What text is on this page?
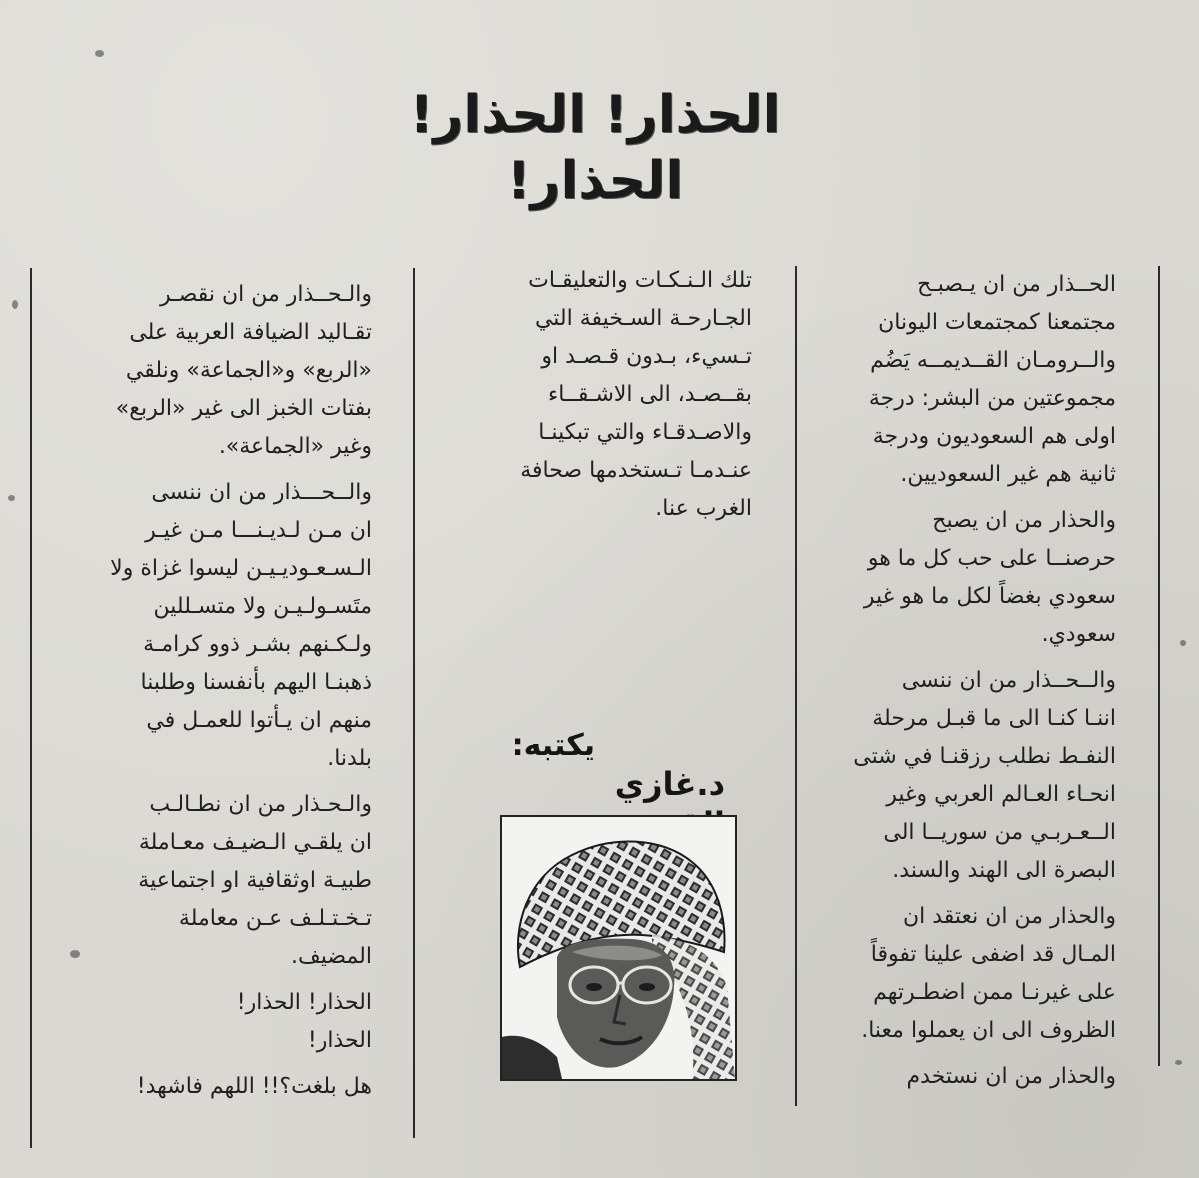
الحذار! الحذار!
الحذار!

الحــذار من ان يـصبـح
مجتمعنا كمجتمعات اليونان
والــرومـان القــديمــه يَضُم
مجموعتين من البشر: درجة
اولى هم السعوديون ودرجة
ثانية هم غير السعوديين.

والحذار من ان يصبح
حرصنــا على حب كل ما هو
سعودي بغضاً لكل ما هو غير
سعودي.

والــحــذار من ان ننسى
اننـا كنـا الى ما قبـل مرحلة
النفـط نطلب رزقنـا في شتى
انحـاء العـالم العربي وغير
الــعـربـي من سوريــا الى
البصرة الى الهند والسند.

والحذار من ان نعتقد ان
المـال قد اضفى علينا تفوقاً
على غيرنـا ممن اضطـرتهم
الظروف الى ان يعملوا معنا.

والحذار من ان نستخدم

تلك الـنـكـات والتعليقـات
الجـارحـة السـخيفة التي
تـسيء، بـدون قـصـد او
بقــصـد، الى الاشـقــاء
والاصـدقـاء والتي تبكينـا
عنـدمـا تـستخدمها صحافة
الغرب عنا.

يكتبه:
د.غازي

والـحــذار من ان نقصـر
تقـاليد الضيافة العربية على
«الربع» و«الجماعة» ونلقي
بفتات الخبز الى غير «الربع»
وغير «الجماعة».

والــحـــذار من ان ننسى
ان مـن لـديـنـــا مـن غيـر
الـسـعـوديـيـن ليسوا غزاة ولا
متَسـولـيـن ولا متسـللين
ولـكـنهم بشـر ذوو كرامـة
ذهبنـا اليهم بأنفسنا وطلبنا
منهم ان يـأتوا للعمـل في
بلدنا.

والـحـذار من ان نطـالـب
ان يلقـي الـضيـف معـاملة
طبيـة اوثقافية او اجتماعية
تـخـتـلـف عـن معاملة
المضيف.

الحذار! الحذار!
الحذار!

هل بلغت؟!! اللهم فاشهد!
